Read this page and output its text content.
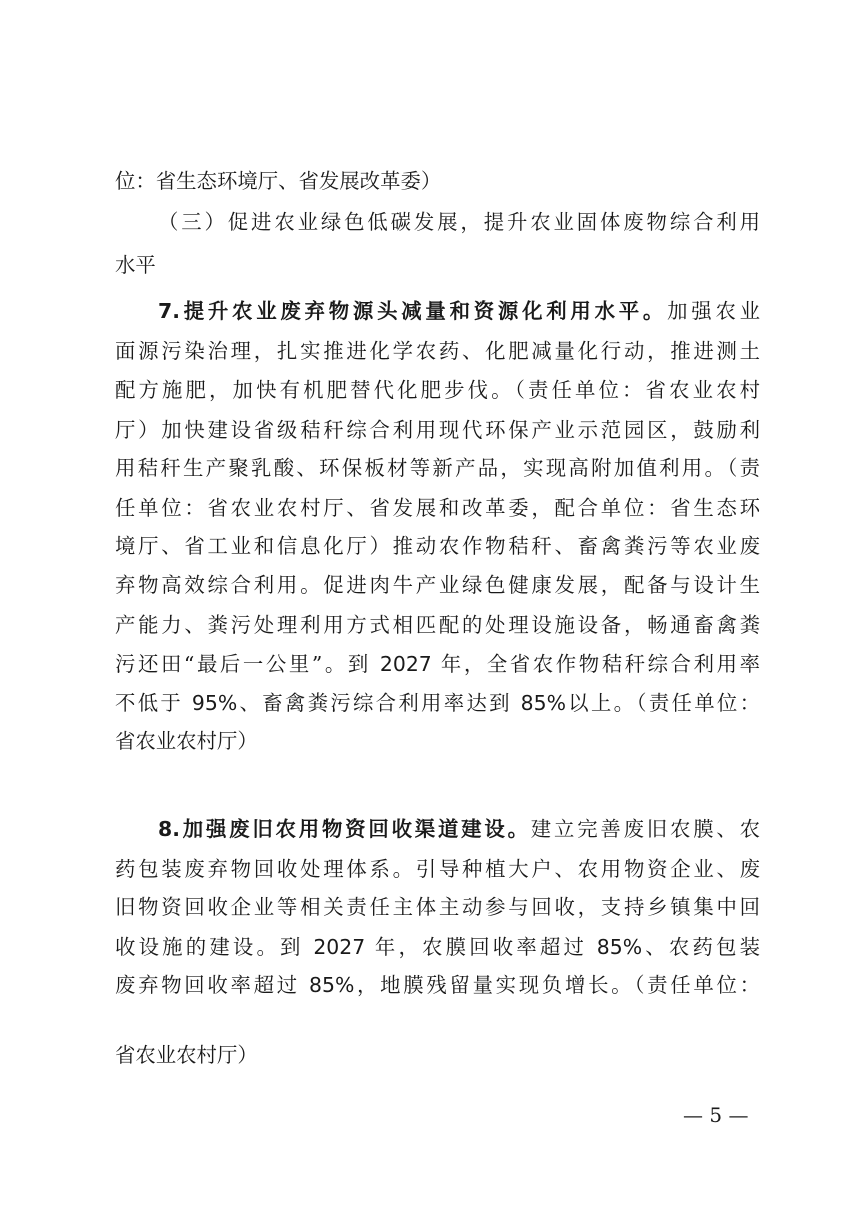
位：省生态环境厅、省发展改革委）
（三）促进农业绿色低碳发展，提升农业固体废物综合利用
水平
7.提升农业废弃物源头减量和资源化利用水平。加强农业
面源污染治理，扎实推进化学农药、化肥减量化行动，推进测土
配方施肥，加快有机肥替代化肥步伐。（责任单位：省农业农村
厅）加快建设省级秸秆综合利用现代环保产业示范园区，鼓励利
用秸秆生产聚乳酸、环保板材等新产品，实现高附加值利用。（责
任单位：省农业农村厅、省发展和改革委，配合单位：省生态环
境厅、省工业和信息化厅）推动农作物秸秆、畜禽粪污等农业废
弃物高效综合利用。促进肉牛产业绿色健康发展，配备与设计生
产能力、粪污处理利用方式相匹配的处理设施设备，畅通畜禽粪
污还田“最后一公里”。到 2027 年，全省农作物秸秆综合利用率
不低于 95%、畜禽粪污综合利用率达到 85%以上。（责任单位：
省农业农村厅）
8.加强废旧农用物资回收渠道建设。建立完善废旧农膜、农
药包装废弃物回收处理体系。引导种植大户、农用物资企业、废
旧物资回收企业等相关责任主体主动参与回收，支持乡镇集中回
收设施的建设。到 2027 年，农膜回收率超过 85%、农药包装
废弃物回收率超过 85%，地膜残留量实现负增长。（责任单位：
省农业农村厅）
— 5 —
